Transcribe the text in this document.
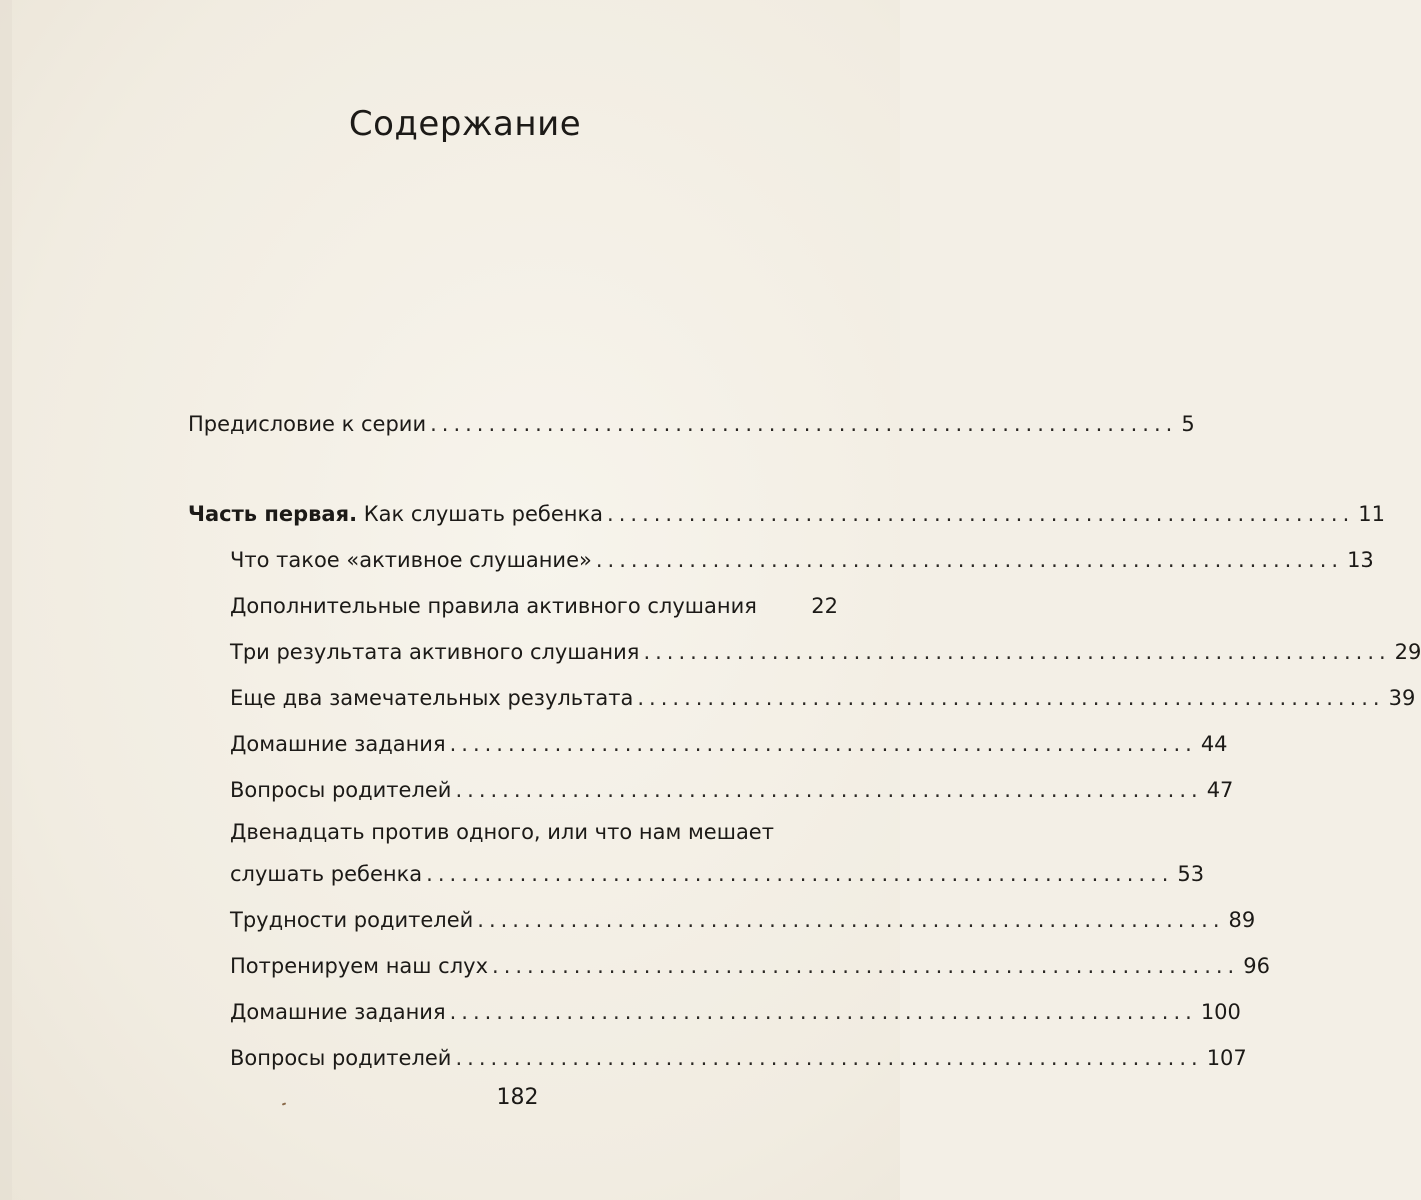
Содержание
Предисловие к серии ................................................................ 5
Часть первая. Как слушать ребенка ................................................................ 11
Что такое «активное слушание» ................................................................ 13
Дополнительные правила активного слушания	22
Три результата активного слушания ................................................................ 29
Еще два замечательных результата ................................................................ 39
Домашние задания ................................................................ 44
Вопросы родителей ................................................................ 47
Двенадцать против одного, или что нам мешает
слушать ребенка ................................................................ 53
Трудности родителей ................................................................ 89
Потренируем наш слух ................................................................ 96
Домашние задания ................................................................ 100
Вопросы родителей ................................................................ 107
182
